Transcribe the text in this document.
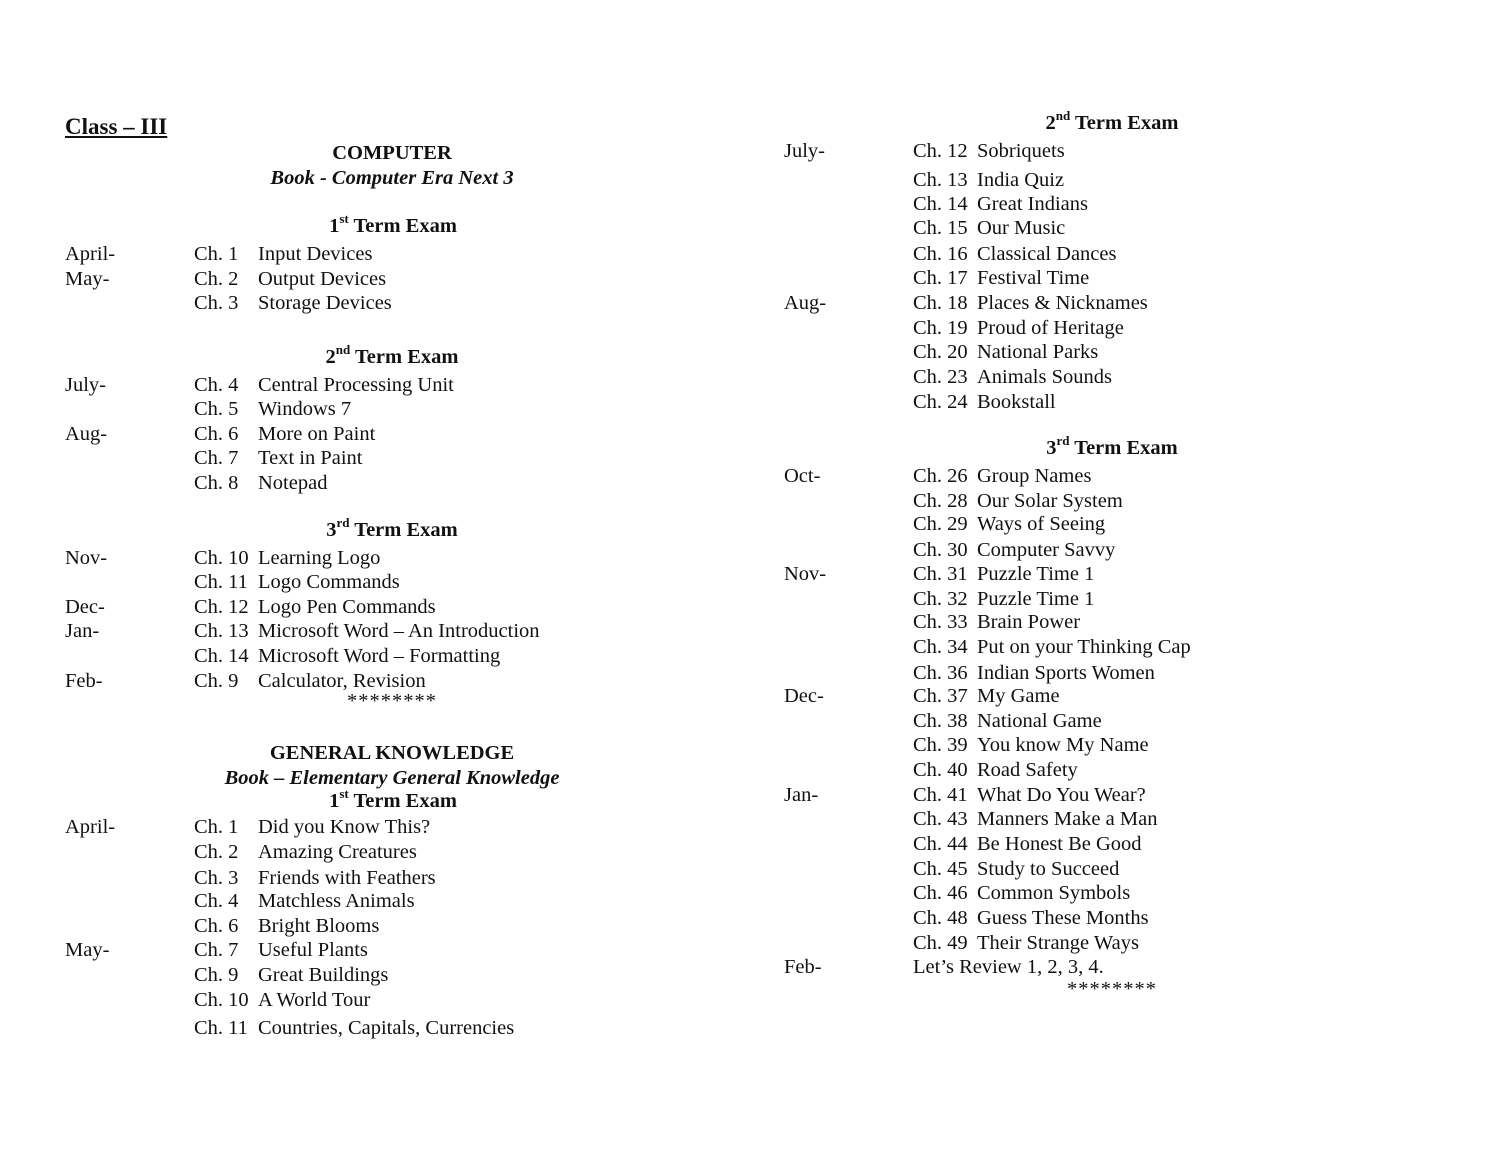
Class – III
COMPUTER
Book - Computer Era Next 3
1st Term Exam
April-	Ch. 1 Input Devices
May-	Ch. 2 Output Devices
Ch. 3 Storage Devices
2nd Term Exam
July-	Ch. 4 Central Processing Unit
Ch. 5 Windows 7
Aug-	Ch. 6 More on Paint
Ch. 7 Text in Paint
Ch. 8 Notepad
3rd Term Exam
Nov-	Ch. 10 Learning Logo
Ch. 11 Logo Commands
Dec-	Ch. 12 Logo Pen Commands
Jan-	Ch. 13 Microsoft Word – An Introduction
Ch. 14 Microsoft Word – Formatting
Feb-	Ch. 9 Calculator, Revision
********
GENERAL KNOWLEDGE
Book – Elementary General Knowledge
1st Term Exam
April-	Ch. 1 Did you Know This?
Ch. 2 Amazing Creatures
Ch. 3 Friends with Feathers
Ch. 4 Matchless Animals
Ch. 6 Bright Blooms
May-	Ch. 7 Useful Plants
Ch. 9 Great Buildings
Ch. 10 A World Tour
Ch. 11 Countries, Capitals, Currencies
2nd Term Exam
July-	Ch. 12 Sobriquets
Ch. 13 India Quiz
Ch. 14 Great Indians
Ch. 15 Our Music
Ch. 16 Classical Dances
Ch. 17 Festival Time
Aug-	Ch. 18 Places & Nicknames
Ch. 19 Proud of Heritage
Ch. 20 National Parks
Ch. 23 Animals Sounds
Ch. 24 Bookstall
3rd Term Exam
Oct-	Ch. 26 Group Names
Ch. 28 Our Solar System
Ch. 29 Ways of Seeing
Ch. 30 Computer Savvy
Nov-	Ch. 31 Puzzle Time 1
Ch. 32 Puzzle Time 1
Ch. 33 Brain Power
Ch. 34 Put on your Thinking Cap
Ch. 36 Indian Sports Women
Dec-	Ch. 37 My Game
Ch. 38 National Game
Ch. 39 You know My Name
Ch. 40 Road Safety
Jan-	Ch. 41 What Do You Wear?
Ch. 43 Manners Make a Man
Ch. 44 Be Honest Be Good
Ch. 45 Study to Succeed
Ch. 46 Common Symbols
Ch. 48 Guess These Months
Ch. 49 Their Strange Ways
Feb-	Let’s Review 1, 2, 3, 4.
********
